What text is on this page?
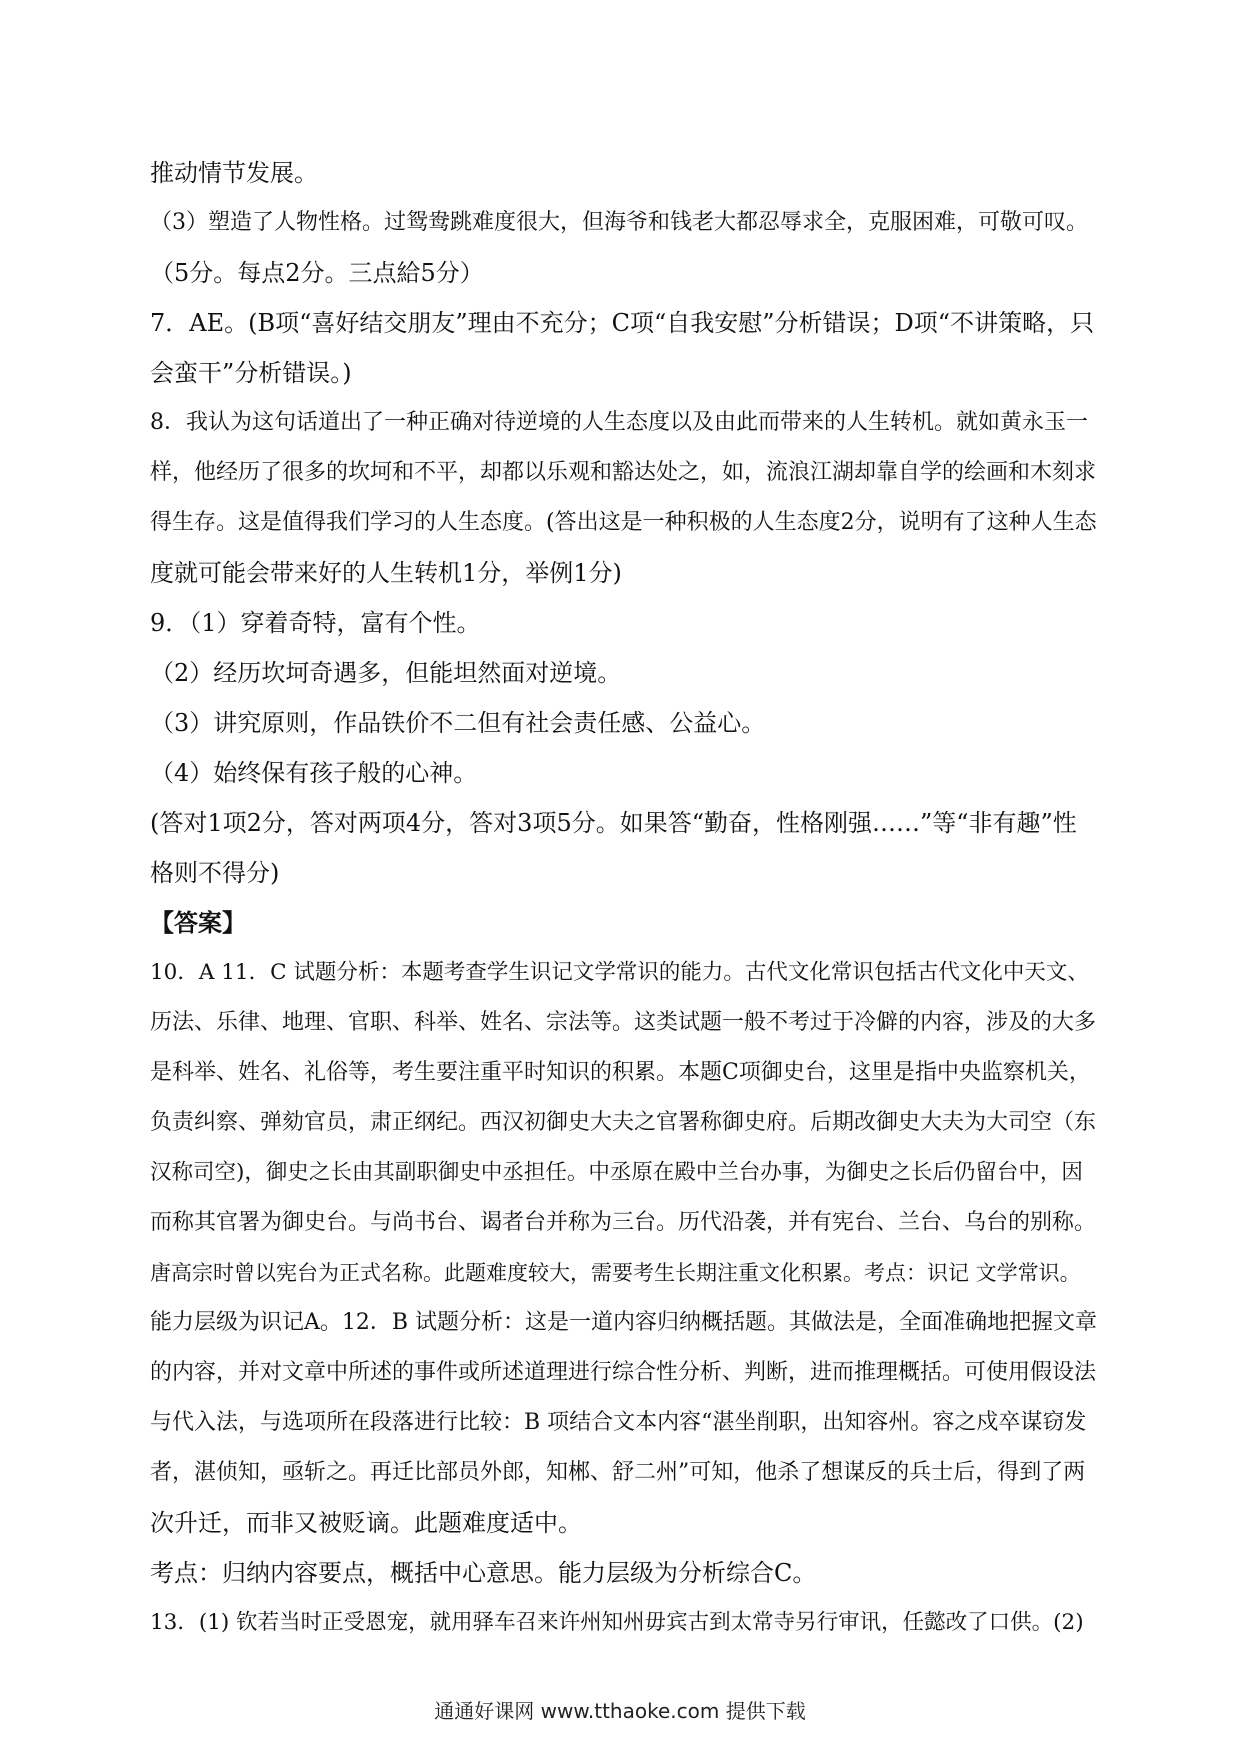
推动情节发展。
（3）塑造了人物性格。过鸳鸯跳难度很大，但海爷和钱老大都忍辱求全，克服困难，可敬可叹。
（5分。每点2分。三点給5分）
7．AE。(B项“喜好结交朋友”理由不充分；C项“自我安慰”分析错误；D项“不讲策略，只
会蛮干”分析错误。)
8．我认为这句话道出了一种正确对待逆境的人生态度以及由此而带来的人生转机。就如黄永玉一
样，他经历了很多的坎坷和不平，却都以乐观和豁达处之，如，流浪江湖却靠自学的绘画和木刻求
得生存。这是值得我们学习的人生态度。(答出这是一种积极的人生态度2分，说明有了这种人生态
度就可能会带来好的人生转机1分，举例1分)
9．（1）穿着奇特，富有个性。
（2）经历坎坷奇遇多，但能坦然面对逆境。
（3）讲究原则，作品铁价不二但有社会责任感、公益心。
（4）始终保有孩子般的心神。
(答对1项2分，答对两项4分，答对3项5分。如果答“勤奋，性格刚强……”等“非有趣”性
格则不得分)
【答案】
10．A 11．C 试题分析：本题考查学生识记文学常识的能力。古代文化常识包括古代文化中天文、
历法、乐律、地理、官职、科举、姓名、宗法等。这类试题一般不考过于冷僻的内容，涉及的大多
是科举、姓名、礼俗等，考生要注重平时知识的积累。本题C项御史台，这里是指中央监察机关，
负责纠察、弹劾官员，肃正纲纪。西汉初御史大夫之官署称御史府。后期改御史大夫为大司空（东
汉称司空)，御史之长由其副职御史中丞担任。中丞原在殿中兰台办事，为御史之长后仍留台中，因
而称其官署为御史台。与尚书台、谒者台并称为三台。历代沿袭，并有宪台、兰台、乌台的别称。
唐高宗时曾以宪台为正式名称。此题难度较大，需要考生长期注重文化积累。考点：识记 文学常识。
能力层级为识记A。12．B 试题分析：这是一道内容归纳概括题。其做法是，全面准确地把握文章
的内容，并对文章中所述的事件或所述道理进行综合性分析、判断，进而推理概括。可使用假设法
与代入法，与选项所在段落进行比较：B 项结合文本内容“湛坐削职，出知容州。容之戍卒谋窃发
者，湛侦知，亟斩之。再迁比部员外郎，知郴、舒二州”可知，他杀了想谋反的兵士后，得到了两
次升迁，而非又被贬谪。此题难度适中。
考点：归纳内容要点，概括中心意思。能力层级为分析综合C。
13．(1) 钦若当时正受恩宠，就用驿车召来许州知州毋宾古到太常寺另行审讯，任懿改了口供。(2)
通通好课网 www.tthaoke.com 提供下载
